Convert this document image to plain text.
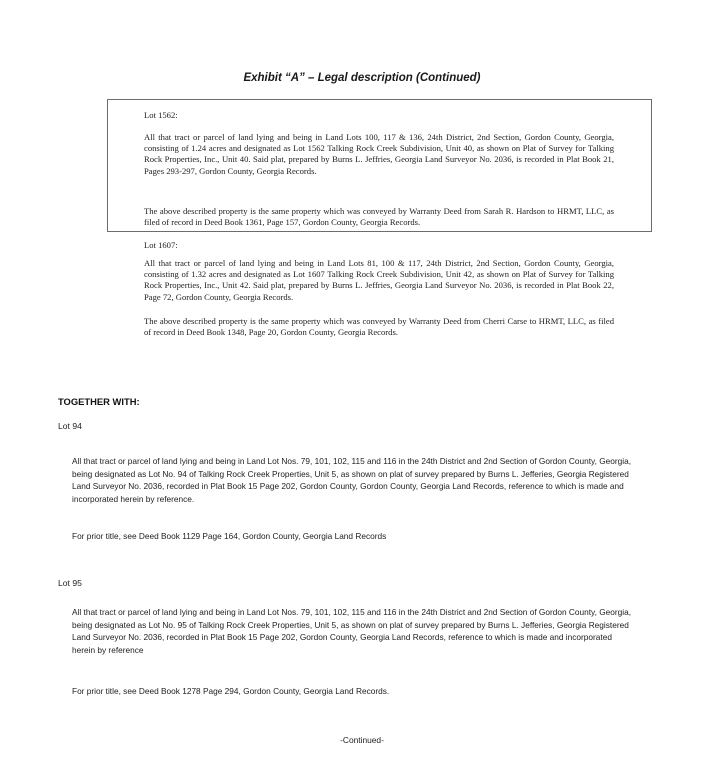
Exhibit “A” – Legal description (Continued)
Lot 1562:

All that tract or parcel of land lying and being in Land Lots 100, 117 & 136, 24th District, 2nd Section, Gordon County, Georgia, consisting of 1.24 acres and designated as Lot 1562 Talking Rock Creek Subdivision, Unit 40, as shown on Plat of Survey for Talking Rock Properties, Inc., Unit 40. Said plat, prepared by Burns L. Jeffries, Georgia Land Surveyor No. 2036, is recorded in Plat Book 21, Pages 293-297, Gordon County, Georgia Records.

The above described property is the same property which was conveyed by Warranty Deed from Sarah R. Hardson to HRMT, LLC, as filed of record in Deed Book 1361, Page 157, Gordon County, Georgia Records.

Lot 1607:

All that tract or parcel of land lying and being in Land Lots 81, 100 & 117, 24th District, 2nd Section, Gordon County, Georgia, consisting of 1.32 acres and designated as Lot 1607 Talking Rock Creek Subdivision, Unit 42, as shown on Plat of Survey for Talking Rock Properties, Inc., Unit 42. Said plat, prepared by Burns L. Jeffries, Georgia Land Surveyor No. 2036, is recorded in Plat Book 22, Page 72, Gordon County, Georgia Records.

The above described property is the same property which was conveyed by Warranty Deed from Cherri Carse to HRMT, LLC, as filed of record in Deed Book 1348, Page 20, Gordon County, Georgia Records.

TOGETHER WITH:
Lot 94

All that tract or parcel of land lying and being in Land Lot Nos. 79, 101, 102, 115 and 116 in the 24th District and 2nd Section of Gordon County, Georgia, being designated as Lot No. 94 of Talking Rock Creek Properties, Unit 5, as shown on plat of survey prepared by Burns L. Jefferies, Georgia Registered Land Surveyor No. 2036, recorded in Plat Book 15 Page 202, Gordon County, Gordon County, Georgia Land Records, reference to which is made and incorporated herein by reference.

For prior title, see Deed Book 1129 Page 164, Gordon County, Georgia Land Records

Lot 95

All that tract or parcel of land lying and being in Land Lot Nos. 79, 101, 102, 115 and 116 in the 24th District and 2nd Section of Gordon County, Georgia, being designated as Lot No. 95 of Talking Rock Creek Properties, Unit 5, as shown on plat of survey prepared by Burns L. Jefferies, Georgia Registered Land Surveyor No. 2036, recorded in Plat Book 15 Page 202, Gordon County, Georgia Land Records, reference to which is made and incorporated herein by reference

For prior title, see Deed Book 1278 Page 294, Gordon County, Georgia Land Records.

-Continued-
